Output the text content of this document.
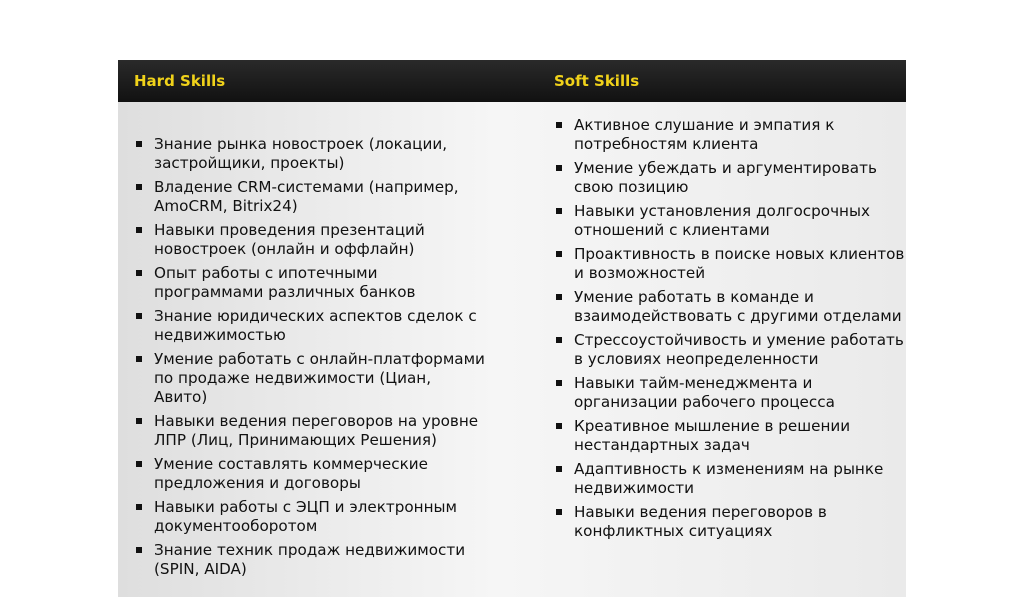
Hard Skills	Soft Skills
Знание рынка новостроек (локации, застройщики, проекты)
Владение CRM-системами (например, AmoCRM, Bitrix24)
Навыки проведения презентаций новостроек (онлайн и оффлайн)
Опыт работы с ипотечными программами различных банков
Знание юридических аспектов сделок с недвижимостью
Умение работать с онлайн-платформами по продаже недвижимости (Циан, Авито)
Навыки ведения переговоров на уровне ЛПР (Лиц, Принимающих Решения)
Умение составлять коммерческие предложения и договоры
Навыки работы с ЭЦП и электронным документооборотом
Знание техник продаж недвижимости (SPIN, AIDA)
Активное слушание и эмпатия к потребностям клиента
Умение убеждать и аргументировать свою позицию
Навыки установления долгосрочных отношений с клиентами
Проактивность в поиске новых клиентов и возможностей
Умение работать в команде и взаимодействовать с другими отделами
Стрессоустойчивость и умение работать в условиях неопределенности
Навыки тайм-менеджмента и организации рабочего процесса
Креативное мышление в решении нестандартных задач
Адаптивность к изменениям на рынке недвижимости
Навыки ведения переговоров в конфликтных ситуациях
